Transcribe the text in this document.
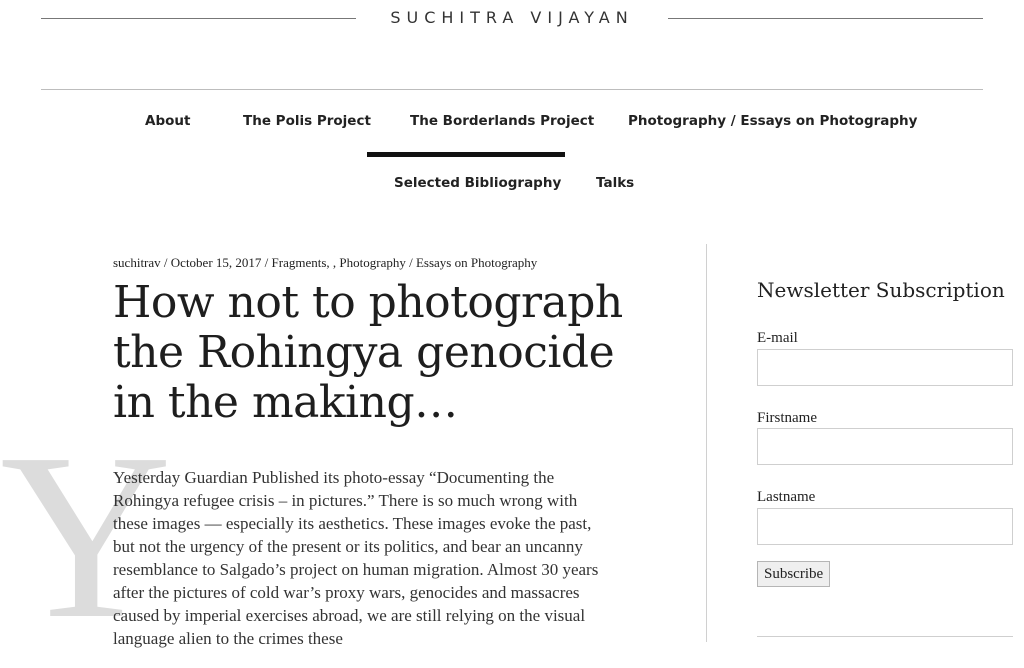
SUCHITRA VIJAYAN
About	The Polis Project	The Borderlands Project	Photography / Essays on Photography
Selected Bibliography	Talks
suchitrav / October 15, 2017 / Fragments, , Photography / Essays on Photography
How not to photograph the Rohingya genocide in the making…
Y

Yesterday Guardian Published its photo-essay “Documenting the Rohingya refugee crisis – in pictures.” There is so much wrong with these images — especially its aesthetics. These images evoke the past, but not the urgency of the present or its politics, and bear an uncanny resemblance to Salgado’s project on human migration. Almost 30 years after the pictures of cold war’s proxy wars, genocides and massacres caused by imperial exercises abroad, we are still relying on the visual language alien to the crimes these

Newsletter Subscription
E-mail
Firstname
Lastname
Subscribe
